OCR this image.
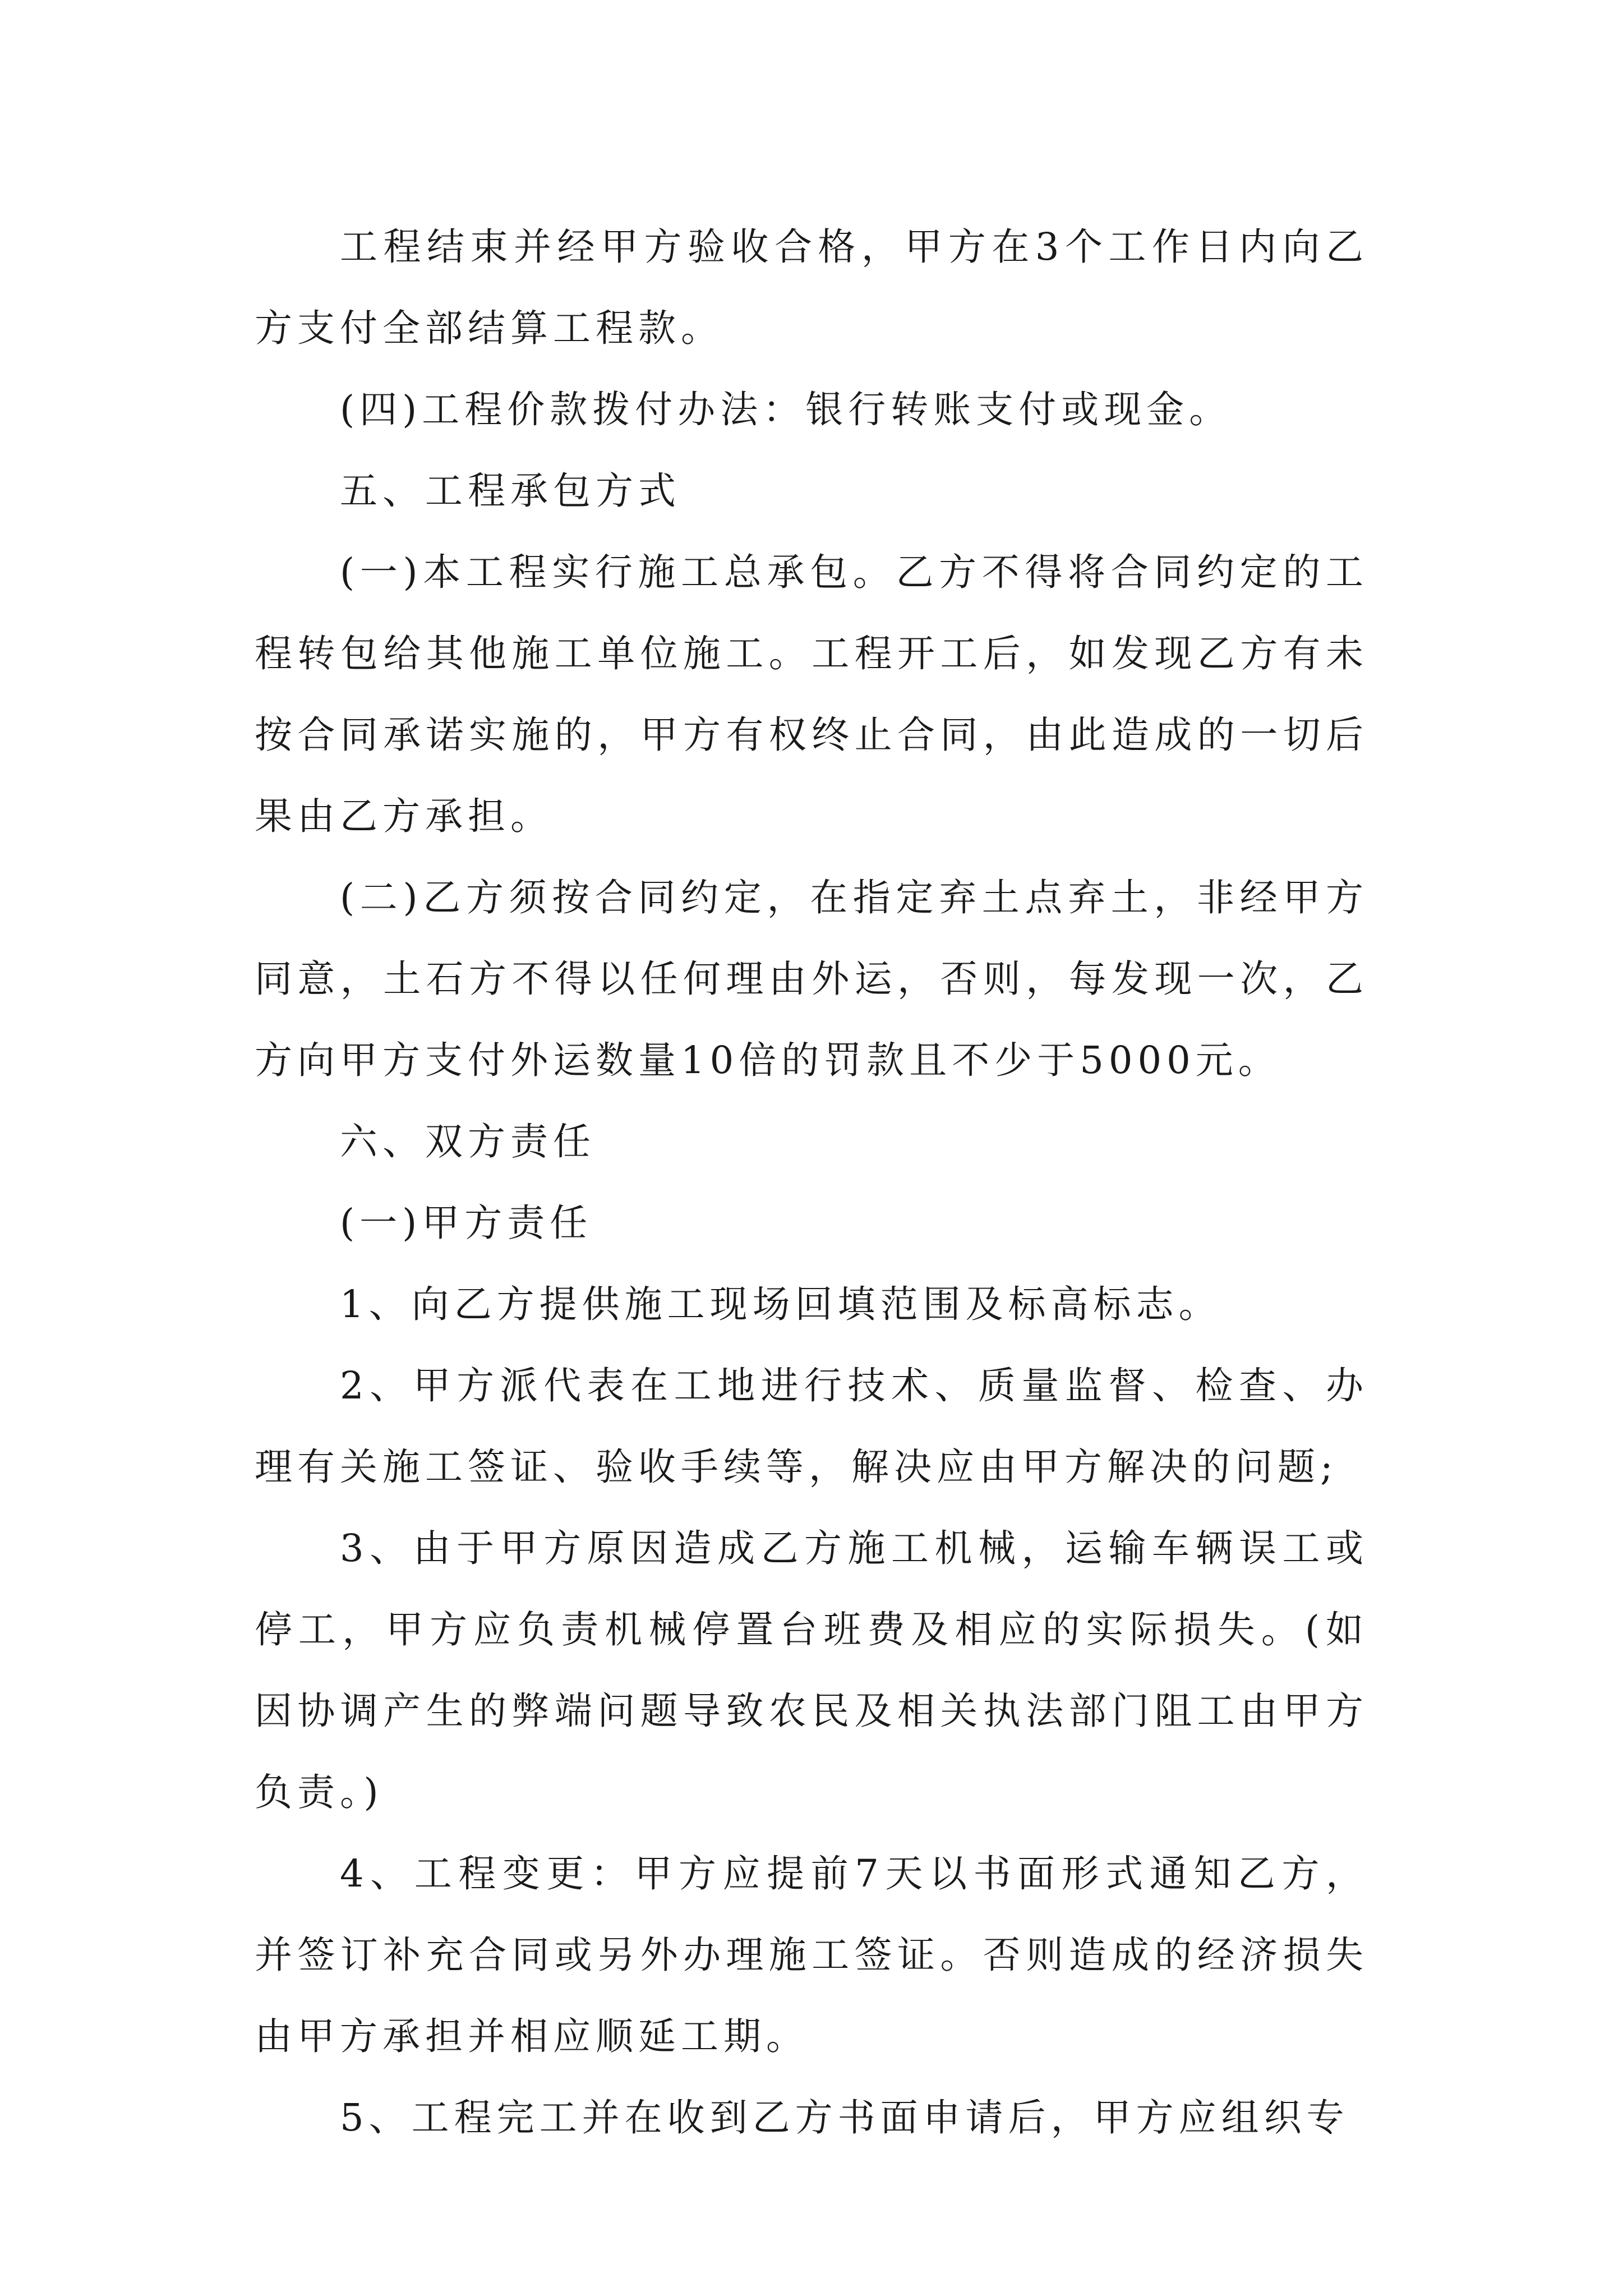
工程结束并经甲方验收合格，甲方在3个工作日内向乙方支付全部结算工程款。

(四)工程价款拨付办法：银行转账支付或现金。

五、工程承包方式

(一)本工程实行施工总承包。乙方不得将合同约定的工程转包给其他施工单位施工。工程开工后，如发现乙方有未按合同承诺实施的，甲方有权终止合同，由此造成的一切后果由乙方承担。

(二)乙方须按合同约定，在指定弃土点弃土，非经甲方同意，土石方不得以任何理由外运，否则，每发现一次，乙方向甲方支付外运数量10倍的罚款且不少于5000元。

六、双方责任

(一)甲方责任

1、向乙方提供施工现场回填范围及标高标志。

2、甲方派代表在工地进行技术、质量监督、检查、办理有关施工签证、验收手续等，解决应由甲方解决的问题;

3、由于甲方原因造成乙方施工机械，运输车辆误工或停工，甲方应负责机械停置台班费及相应的实际损失。(如因协调产生的弊端问题导致农民及相关执法部门阻工由甲方负责。)

4、工程变更：甲方应提前7天以书面形式通知乙方，并签订补充合同或另外办理施工签证。否则造成的经济损失由甲方承担并相应顺延工期。

5、工程完工并在收到乙方书面申请后，甲方应组织专
